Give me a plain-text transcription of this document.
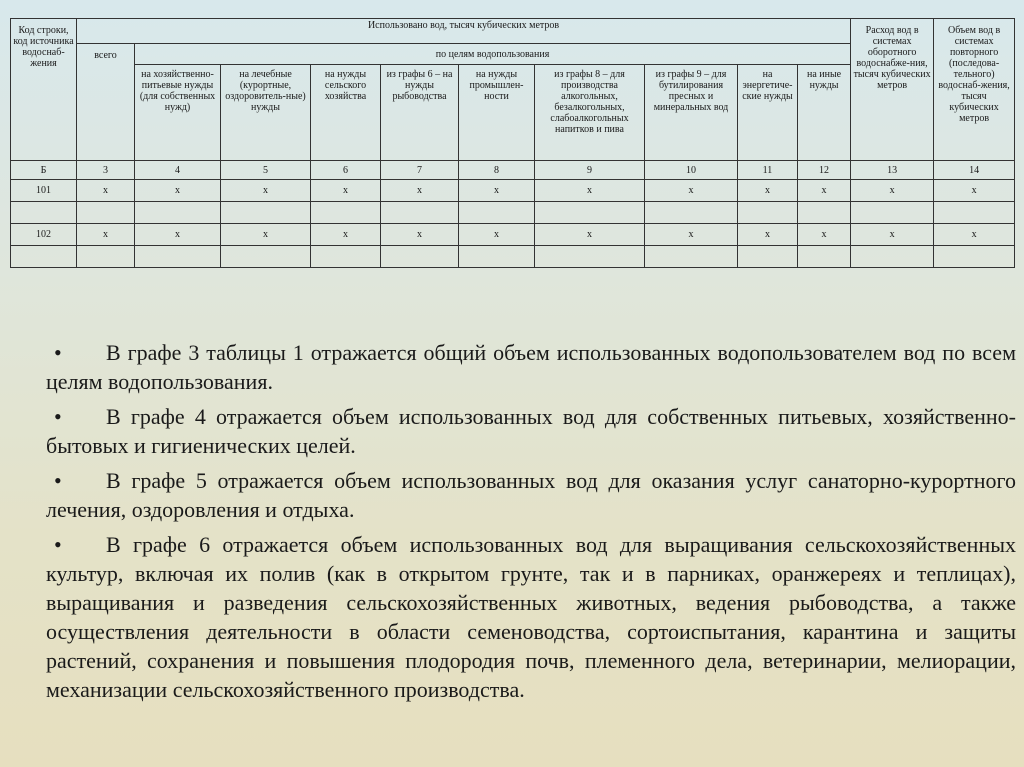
Код строки, код источника водоснаб-жения	Использовано вод, тысяч кубических метров										Расход вод в системах оборотного водоснабже-ния, тысяч кубических метров	Объем вод в системах повторного (последова-тельного) водоснаб-жения, тысяч кубических метров
	всего	по целям водопользования										
		на хозяйственно-питьевые нужды (для собственных нужд)	на лечебные (курортные, оздоровитель-ные) нужды	на нужды сельского хозяйства	из графы 6 – на нужды рыбоводства	на нужды промышлен-ности	из графы 8 – для производства алкогольных, безалкогольных, слабоалкогольных напитков и пива	из графы 9 – для бутилирования пресных и минеральных вод	на энергетиче-ские нужды	на иные нужды		
Б	3	4	5	6	7	8	9	10	11	12	13	14
101	х	х	х	х	х	х	х	х	х	х	х	х

102	х	х	х	х	х	х	х	х	х	х	х	х

• В графе 3 таблицы 1 отражается общий объем использованных водопользователем вод по всем целям водопользования.
• В графе 4 отражается объем использованных вод для собственных питьевых, хозяйственно-бытовых и гигиенических целей.
• В графе 5 отражается объем использованных вод для оказания услуг санаторно-курортного лечения, оздоровления и отдыха.
• В графе 6 отражается объем использованных вод для выращивания сельскохозяйственных культур, включая их полив (как в открытом грунте, так и в парниках, оранжереях и теплицах), выращивания и разведения сельскохозяйственных животных, ведения рыбоводства, а также осуществления деятельности в области семеноводства, сортоиспытания, карантина и защиты растений, сохранения и повышения плодородия почв, племенного дела, ветеринарии, мелиорации, механизации сельскохозяйственного производства.
